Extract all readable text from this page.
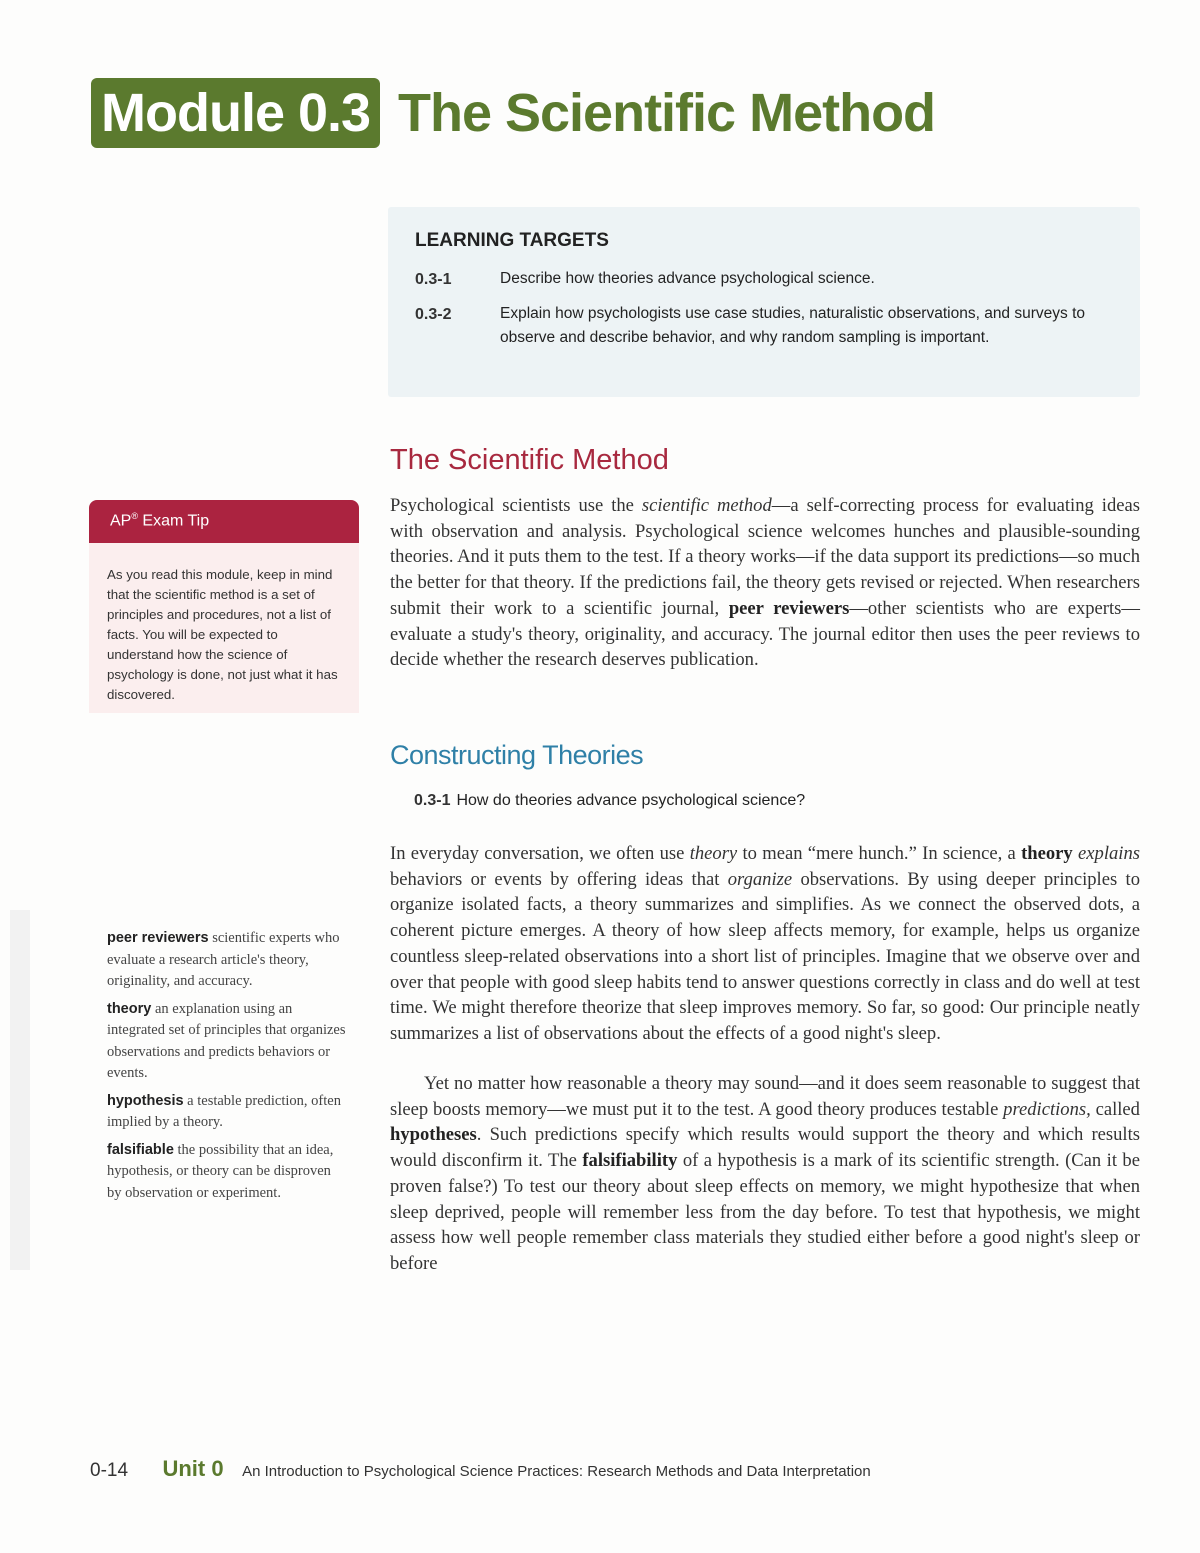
Module 0.3 The Scientific Method
LEARNING TARGETS
0.3-1	Describe how theories advance psychological science.
0.3-2	Explain how psychologists use case studies, naturalistic observations, and surveys to observe and describe behavior, and why random sampling is important.
The Scientific Method
Psychological scientists use the scientific method—a self-correcting process for evaluating ideas with observation and analysis. Psychological science welcomes hunches and plausible-sounding theories. And it puts them to the test. If a theory works—if the data support its predictions—so much the better for that theory. If the predictions fail, the theory gets revised or rejected. When researchers submit their work to a scientific journal, peer reviewers—other scientists who are experts—evaluate a study's theory, originality, and accuracy. The journal editor then uses the peer reviews to decide whether the research deserves publication.
Constructing Theories
0.3-1 How do theories advance psychological science?
In everyday conversation, we often use theory to mean “mere hunch.” In science, a theory explains behaviors or events by offering ideas that organize observations. By using deeper principles to organize isolated facts, a theory summarizes and simplifies. As we connect the observed dots, a coherent picture emerges. A theory of how sleep affects memory, for example, helps us organize countless sleep-related observations into a short list of principles. Imagine that we observe over and over that people with good sleep habits tend to answer questions correctly in class and do well at test time. We might therefore theorize that sleep improves memory. So far, so good: Our principle neatly summarizes a list of observations about the effects of a good night's sleep.
Yet no matter how reasonable a theory may sound—and it does seem reasonable to suggest that sleep boosts memory—we must put it to the test. A good theory produces testable predictions, called hypotheses. Such predictions specify which results would support the theory and which results would disconfirm it. The falsifiability of a hypothesis is a mark of its scientific strength. (Can it be proven false?) To test our theory about sleep effects on memory, we might hypothesize that when sleep deprived, people will remember less from the day before. To test that hypothesis, we might assess how well people remember class materials they studied either before a good night's sleep or before
AP® Exam Tip
As you read this module, keep in mind that the scientific method is a set of principles and procedures, not a list of facts. You will be expected to understand how the science of psychology is done, not just what it has discovered.
peer reviewers scientific experts who evaluate a research article's theory, originality, and accuracy.
theory an explanation using an integrated set of principles that organizes observations and predicts behaviors or events.
hypothesis a testable prediction, often implied by a theory.
falsifiable the possibility that an idea, hypothesis, or theory can be disproven by observation or experiment.
0-14 Unit 0 An Introduction to Psychological Science Practices: Research Methods and Data Interpretation
